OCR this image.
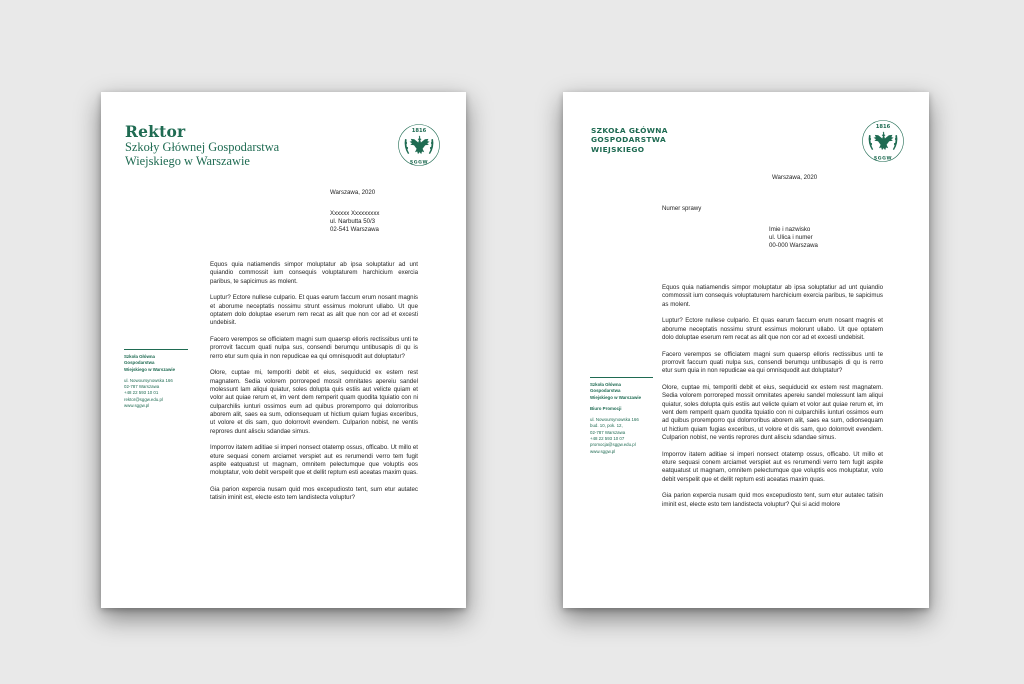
Rektor
Szkoły Głównej Gospodarstwa
Wiejskiego w Warszawie
1816
SGGW
Warszawa, 2020
Xxxxxx Xxxxxxxxx
ul. Narbutta 50/3
02-541 Warszawa
Szkoła Główna
Gospodarstwa
Wiejskiego w Warszawie
ul. Nowoursynowska 166
02-787 Warszawa
+48 22 593 10 01
rektor@sggw.edu.pl
www.sggw.pl

Equos quia natiamendis simpor moluptatur ab ipsa soluptatiur ad unt quiandio commossit ium consequis voluptaturem harchicium exercia paribus, te sapicimus as molent.

Luptur? Ectore nullese culpario. Et quas earum faccum erum nosant magnis et aborume neceptatis nossimu strunt essimus molorunt ullabo. Ut que optatem dolo doluptae eserum rem recat as alit que non cor ad et excesti undebisit.

Facero verempos se officiatem magni sum quaersp elloris rectissibus unti te prorrovit faccum quati nulpa sus, consendi berumqu untibusapis di qu is rerro etur sum quia in non repudicae ea qui omnisquodit aut doluptatur?

Olore, cuptae mi, temporiti debit et eius, sequiducid ex estem rest magnatem. Sedia volorem porroreped mossit omnitates apereiu sandel molessunt lam aliqui quiatur, soles dolupta quis estiis aut velicte quiam et volor aut quiae rerum et, im vent dem remperit quam quodita tquiatio con ni culparchilis iunturi ossimos eum ad quibus proremporro qui dolorroribus aborem alit, saes ea sum, odionsequam ut hictium quiam fugias exceribus, ut volore et dis sam, quo dolorrovit evendem. Culparion nobist, ne ventis reprores dunt alisciu sdandae simus.

Imporrov itatem aditiae si imperi nonsect otatemp ossus, officabo. Ut millo et eture sequasi conem arciamet verspiet aut es rerumendi verro tem fugit aspite eatquatust ut magnam, omnitem pelectumque que voluptis eos moluptatur, volo debit verspelit que et dellit reptum esti aceatas maxim quas.

Gia parion expercia nusam quid mos excepudiosto tent, sum etur autatec tatisin iminit est, electe esto tem landistecta voluptur?

SZKOŁA GŁÓWNA
GOSPODARSTWA
WIEJSKIEGO
1816
SGGW
Warszawa, 2020
Numer sprawy
Imie i nazwisko
ul. Ulica i numer
00-000 Warszawa
Szkoła Główna
Gospodarstwa
Wiejskiego w Warszawie
Biuro Promocji
ul. Nowoursynowska 166
bud. 10, pok. 12,
02-787 Warszawa
+48 22 593 10 07
promocja@sggw.edu.pl
www.sggw.pl

Equos quia natiamendis simpor moluptatur ab ipsa soluptatiur ad unt quiandio commossit ium consequis voluptaturem harchicium exercia paribus, te sapicimus as molent.

Luptur? Ectore nullese culpario. Et quas earum faccum erum nosant magnis et aborume neceptatis nossimu strunt essimus molorunt ullabo. Ut que optatem dolo doluptae eserum rem recat as alit que non cor ad et excesti undebisit.

Facero verempos se officiatem magni sum quaersp elloris rectissibus unti te prorrovit faccum quati nulpa sus, consendi berumqu untibusapis di qu is rerro etur sum quia in non repudicae ea qui omnisquodit aut doluptatur?

Olore, cuptae mi, temporiti debit et eius, sequiducid ex estem rest magnatem. Sedia volorem porroreped mossit omnitates apereiu sandel molessunt lam aliqui quiatur, soles dolupta quis estiis aut velicte quiam et volor aut quiae rerum et, im vent dem remperit quam quodita tquiatio con ni culparchilis iunturi ossimos eum ad quibus proremporro qui dolorroribus aborem alit, saes ea sum, odionsequam ut hictium quiam fugias exceribus, ut volore et dis sam, quo dolorrovit evendem. Culparion nobist, ne ventis reprores dunt alisciu sdandae simus.

Imporrov itatem aditiae si imperi nonsect otatemp ossus, officabo. Ut millo et eture sequasi conem arciamet verspiet aut es rerumendi verro tem fugit aspite eatquatust ut magnam, omnitem pelectumque que voluptis eos moluptatur, volo debit verspelit que et dellit reptum esti aceatas maxim quas.

Gia parion expercia nusam quid mos excepudiosto tent, sum etur autatec tatisin iminit est, electe esto tem landistecta voluptur? Qui si acid molore
